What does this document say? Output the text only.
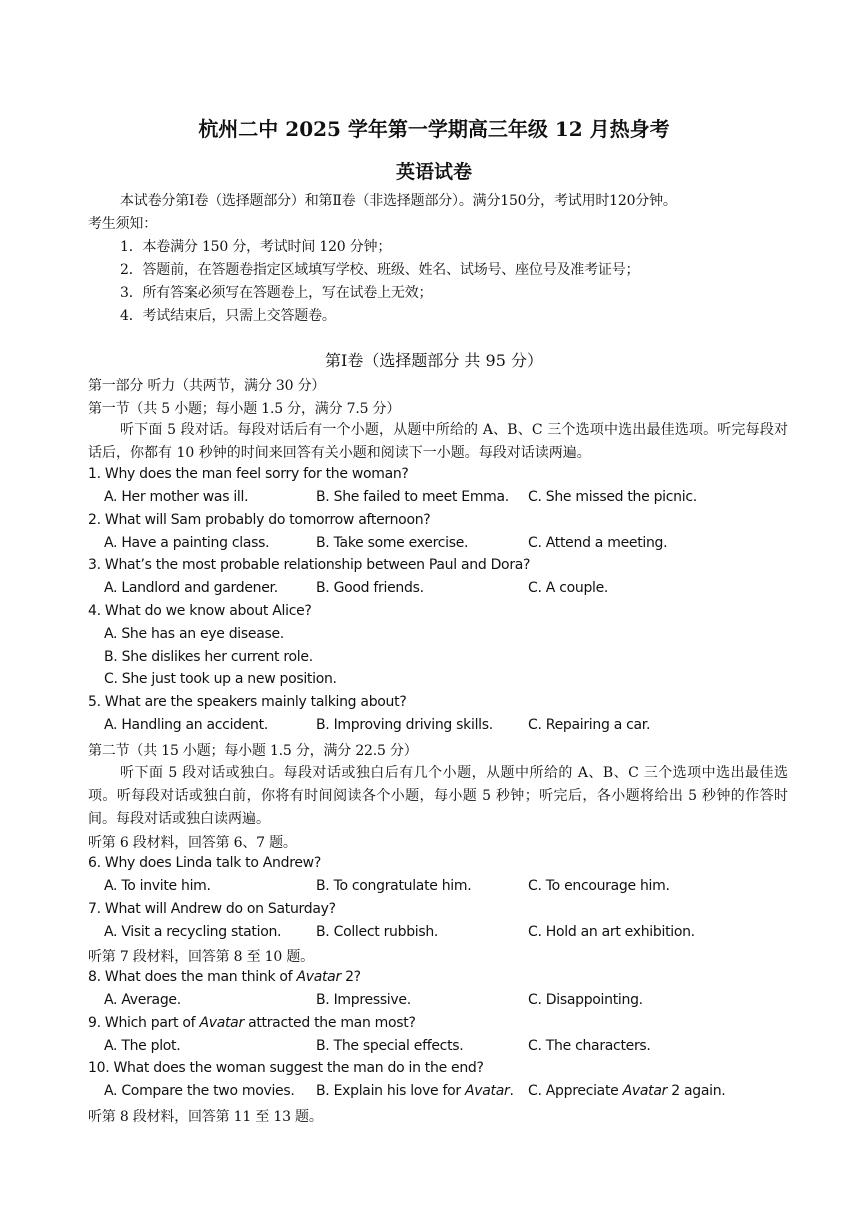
杭州二中 2025 学年第一学期高三年级 12 月热身考
英语试卷
本试卷分第Ⅰ卷（选择题部分）和第Ⅱ卷（非选择题部分）。满分150分，考试用时120分钟。
考生须知：
1．本卷满分 150 分，考试时间 120 分钟；
2．答题前，在答题卷指定区域填写学校、班级、姓名、试场号、座位号及准考证号；
3．所有答案必须写在答题卷上，写在试卷上无效；
4．考试结束后，只需上交答题卷。
第Ⅰ卷（选择题部分 共 95 分）
第一部分 听力（共两节，满分 30 分）
第一节（共 5 小题；每小题 1.5 分，满分 7.5 分）
听下面 5 段对话。每段对话后有一个小题，从题中所给的 A、B、C 三个选项中选出最佳选项。听完每段对话后，你都有 10 秒钟的时间来回答有关小题和阅读下一小题。每段对话读两遍。
1. Why does the man feel sorry for the woman?
A. Her mother was ill.	B. She failed to meet Emma. C. She missed the picnic.
2. What will Sam probably do tomorrow afternoon?
A. Have a painting class.	B. Take some exercise.	C. Attend a meeting.
3. What’s the most probable relationship between Paul and Dora?
A. Landlord and gardener.	B. Good friends.	C. A couple.
4. What do we know about Alice?
A. She has an eye disease.
B. She dislikes her current role.
C. She just took up a new position.
5. What are the speakers mainly talking about?
A. Handling an accident.	B. Improving driving skills.	C. Repairing a car.
第二节（共 15 小题；每小题 1.5 分，满分 22.5 分）
听下面 5 段对话或独白。每段对话或独白后有几个小题，从题中所给的 A、B、C 三个选项中选出最佳选项。听每段对话或独白前，你将有时间阅读各个小题，每小题 5 秒钟；听完后，各小题将给出 5 秒钟的作答时间。每段对话或独白读两遍。
听第 6 段材料，回答第 6、7 题。
6. Why does Linda talk to Andrew?
A. To invite him.	B. To congratulate him.	C. To encourage him.
7. What will Andrew do on Saturday?
A. Visit a recycling station. B. Collect rubbish.	C. Hold an art exhibition.
听第 7 段材料，回答第 8 至 10 题。
8. What does the man think of Avatar 2?
A. Average.	B. Impressive.	C. Disappointing.
9. Which part of Avatar attracted the man most?
A. The plot.	B. The special effects.	C. The characters.
10. What does the woman suggest the man do in the end?
A. Compare the two movies. B. Explain his love for Avatar. C. Appreciate Avatar 2 again.
听第 8 段材料，回答第 11 至 13 题。
